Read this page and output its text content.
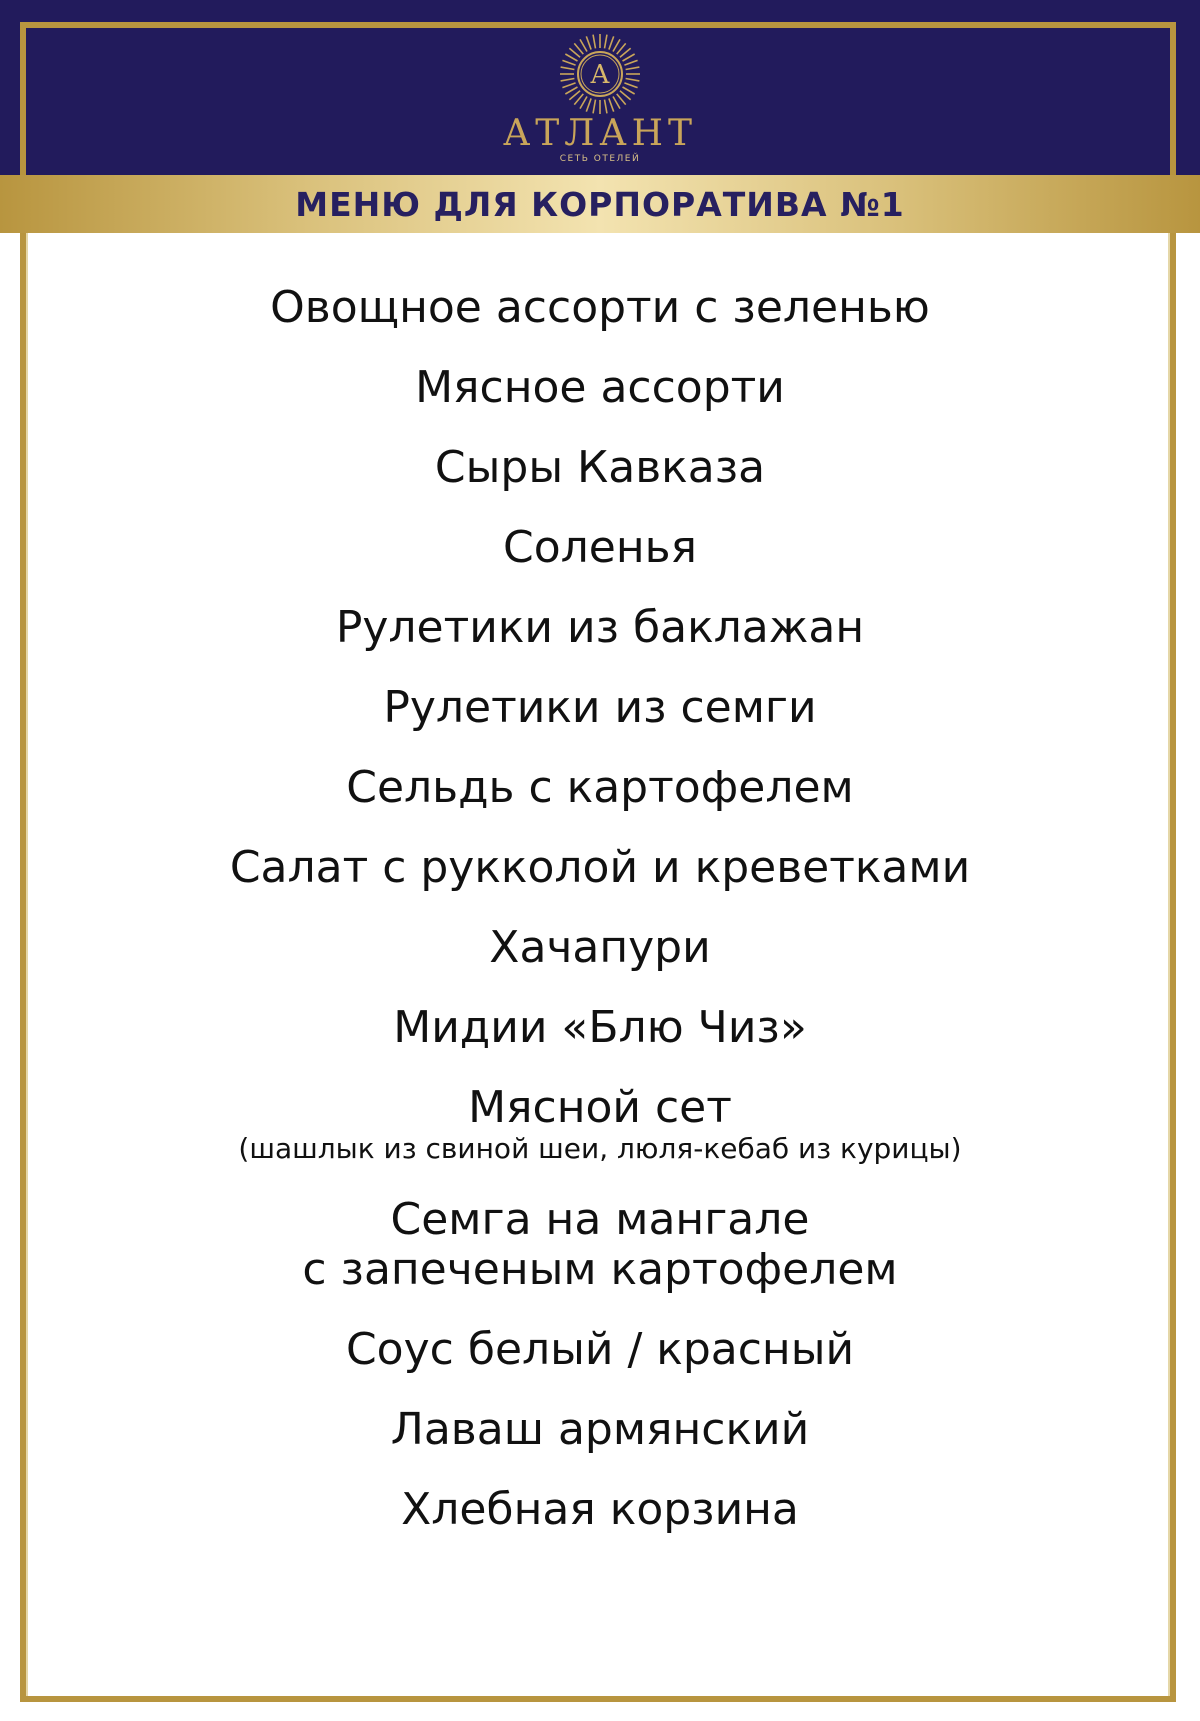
А
АТЛАНТ
СЕТЬ ОТЕЛЕЙ
МЕНЮ ДЛЯ КОРПОРАТИВА №1
Овощное ассорти с зеленью
Мясное ассорти
Сыры Кавказа
Соленья
Рулетики из баклажан
Рулетики из семги
Сельдь с картофелем
Салат с рукколой и креветками
Хачапури
Мидии «Блю Чиз»
Мясной сет
(шашлык из свиной шеи, люля-кебаб из курицы)
Семга на мангале
с запеченым картофелем
Соус белый / красный
Лаваш армянский
Хлебная корзина
